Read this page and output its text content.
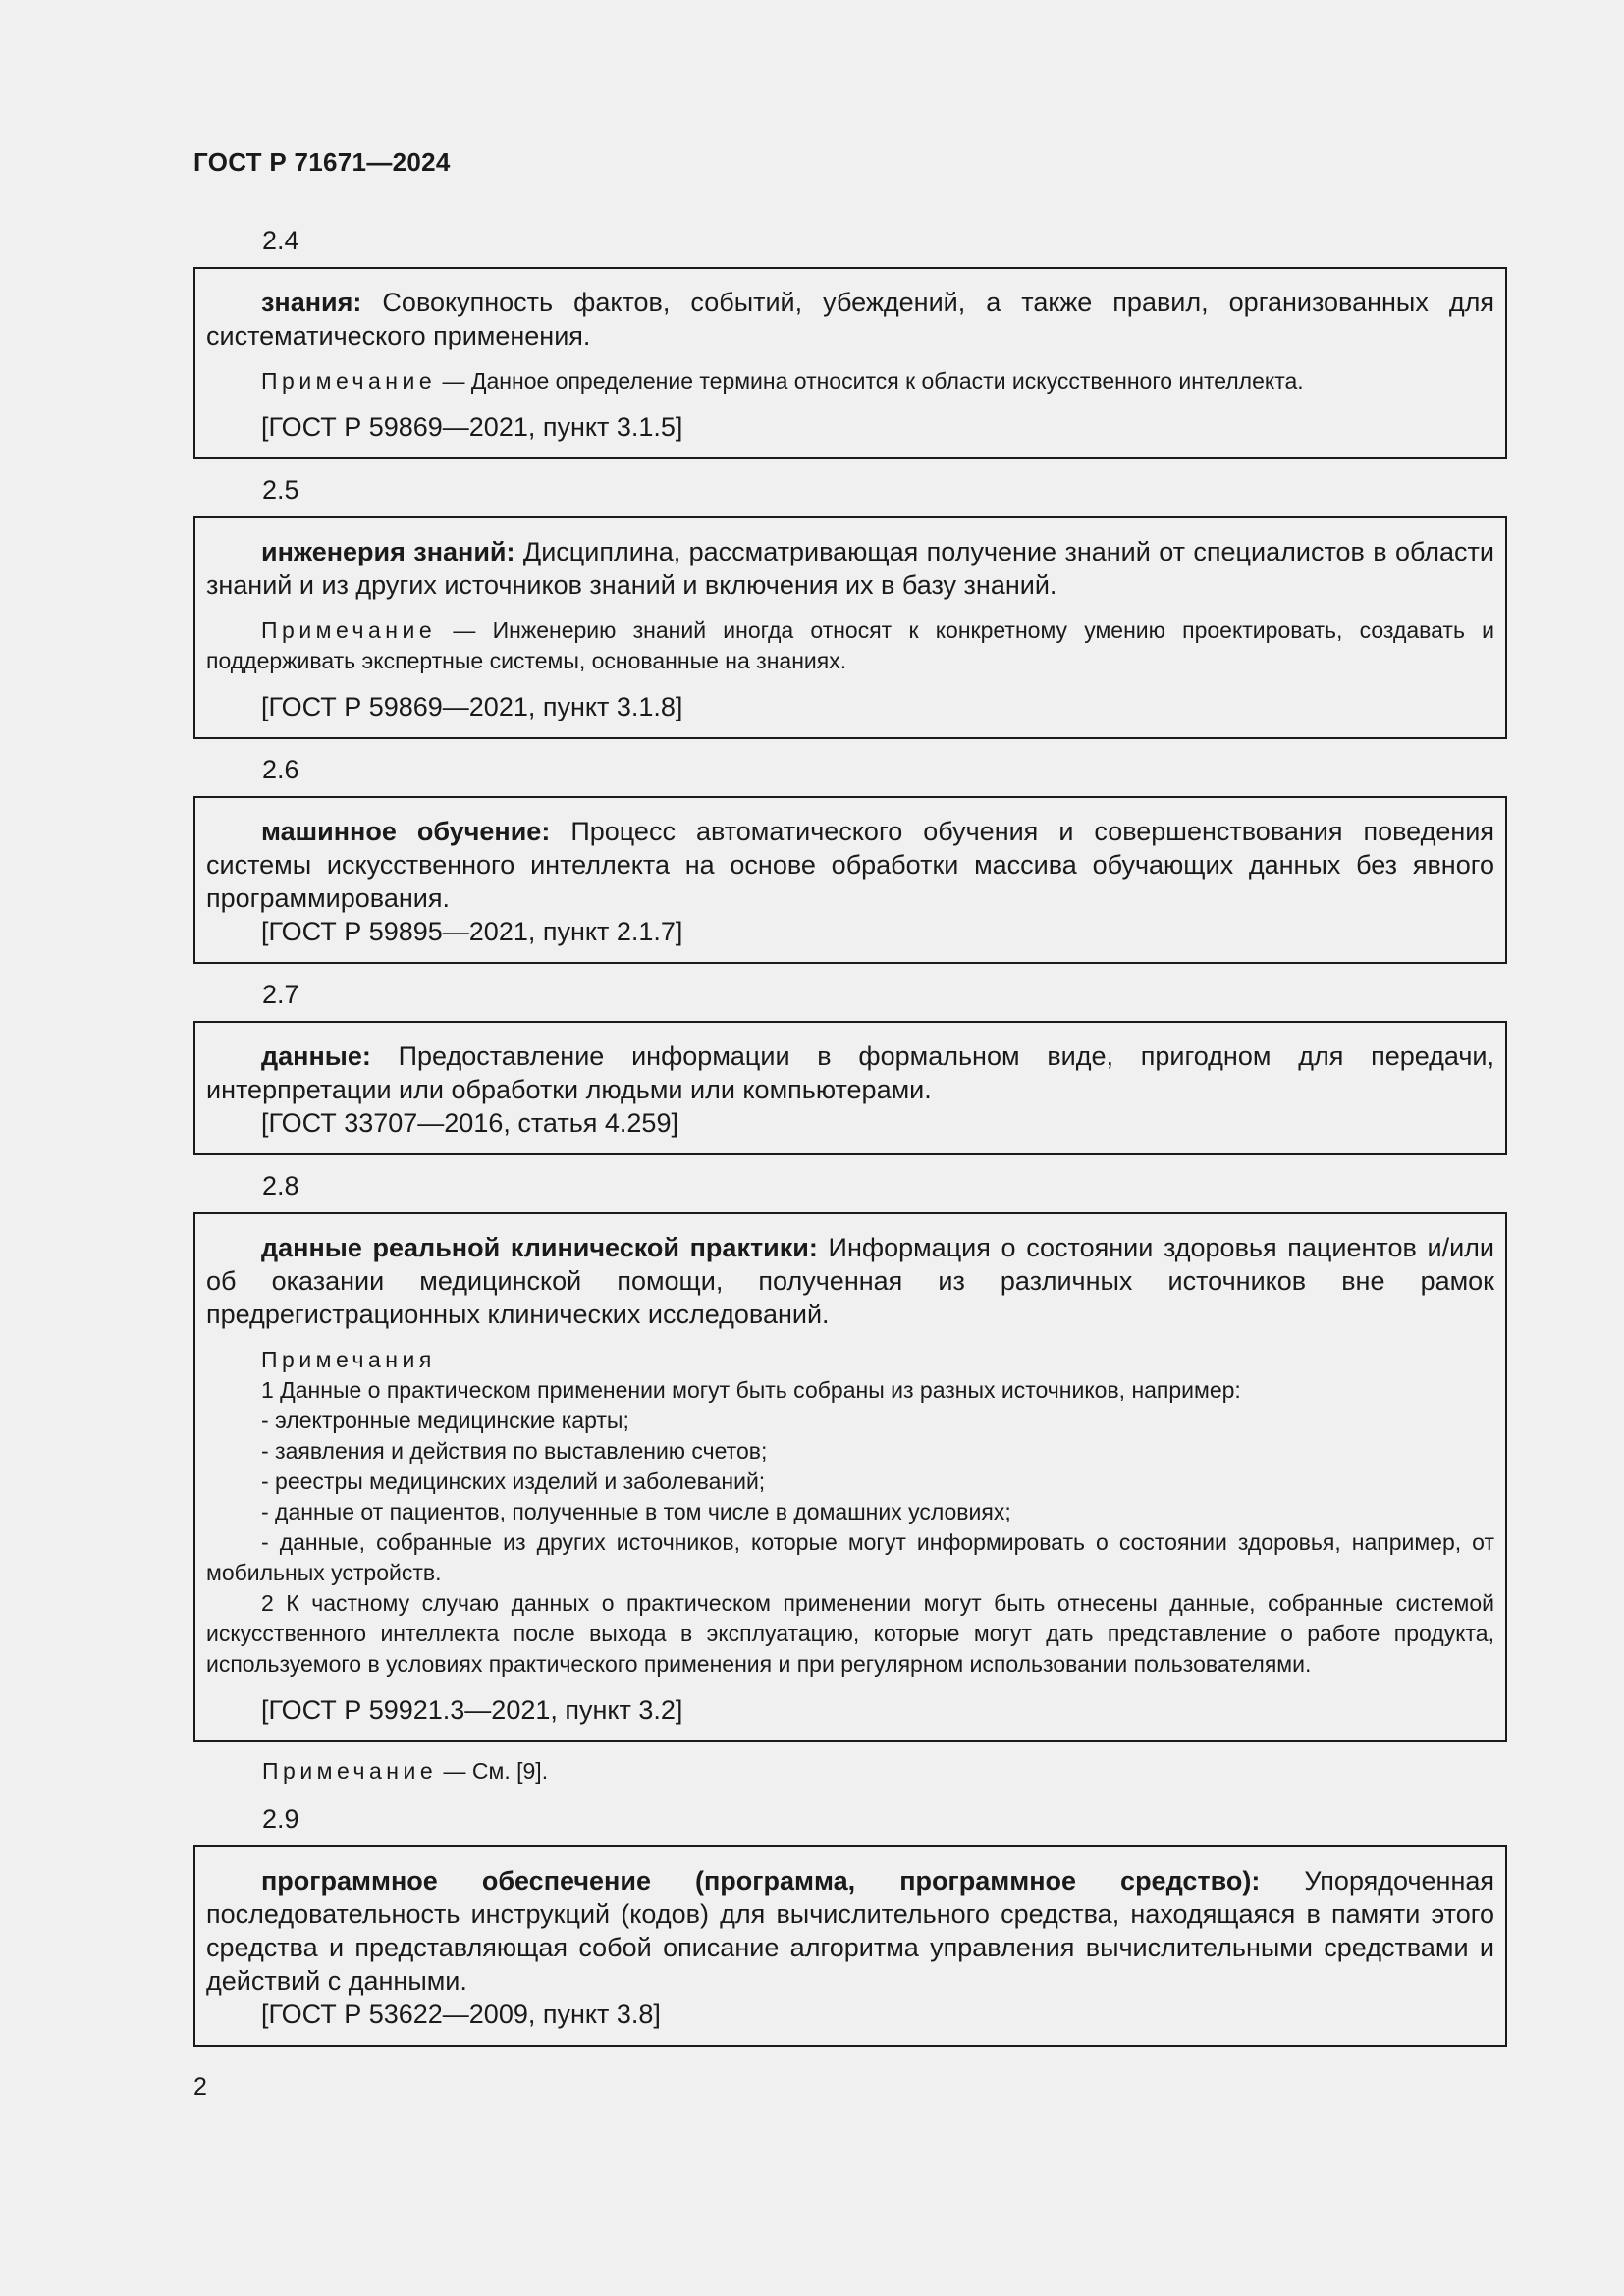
ГОСТ Р 71671—2024
2.4

знания: Совокупность фактов, событий, убеждений, а также правил, организованных для систематического применения.

Примечание — Данное определение термина относится к области искусственного интеллекта.

[ГОСТ Р 59869—2021, пункт 3.1.5]
2.5

инженерия знаний: Дисциплина, рассматривающая получение знаний от специалистов в области знаний и из других источников знаний и включения их в базу знаний.

Примечание — Инженерию знаний иногда относят к конкретному умению проектировать, создавать и поддерживать экспертные системы, основанные на знаниях.

[ГОСТ Р 59869—2021, пункт 3.1.8]
2.6

машинное обучение: Процесс автоматического обучения и совершенствования поведения системы искусственного интеллекта на основе обработки массива обучающих данных без явного программирования.

[ГОСТ Р 59895—2021, пункт 2.1.7]
2.7

данные: Предоставление информации в формальном виде, пригодном для передачи, интерпретации или обработки людьми или компьютерами.

[ГОСТ 33707—2016, статья 4.259]
2.8

данные реальной клинической практики: Информация о состоянии здоровья пациентов и/или об оказании медицинской помощи, полученная из различных источников вне рамок предрегистрационных клинических исследований.

Примечания

1 Данные о практическом применении могут быть собраны из разных источников, например:

- электронные медицинские карты;

- заявления и действия по выставлению счетов;

- реестры медицинских изделий и заболеваний;

- данные от пациентов, полученные в том числе в домашних условиях;

- данные, собранные из других источников, которые могут информировать о состоянии здоровья, например, от мобильных устройств.

2 К частному случаю данных о практическом применении могут быть отнесены данные, собранные системой искусственного интеллекта после выхода в эксплуатацию, которые могут дать представление о работе продукта, используемого в условиях практического применения и при регулярном использовании пользователями.

[ГОСТ Р 59921.3—2021, пункт 3.2]
Примечание — См. [9].
2.9

программное обеспечение (программа, программное средство): Упорядоченная последовательность инструкций (кодов) для вычислительного средства, находящаяся в памяти этого средства и представляющая собой описание алгоритма управления вычислительными средствами и действий с данными.

[ГОСТ Р 53622—2009, пункт 3.8]
2
